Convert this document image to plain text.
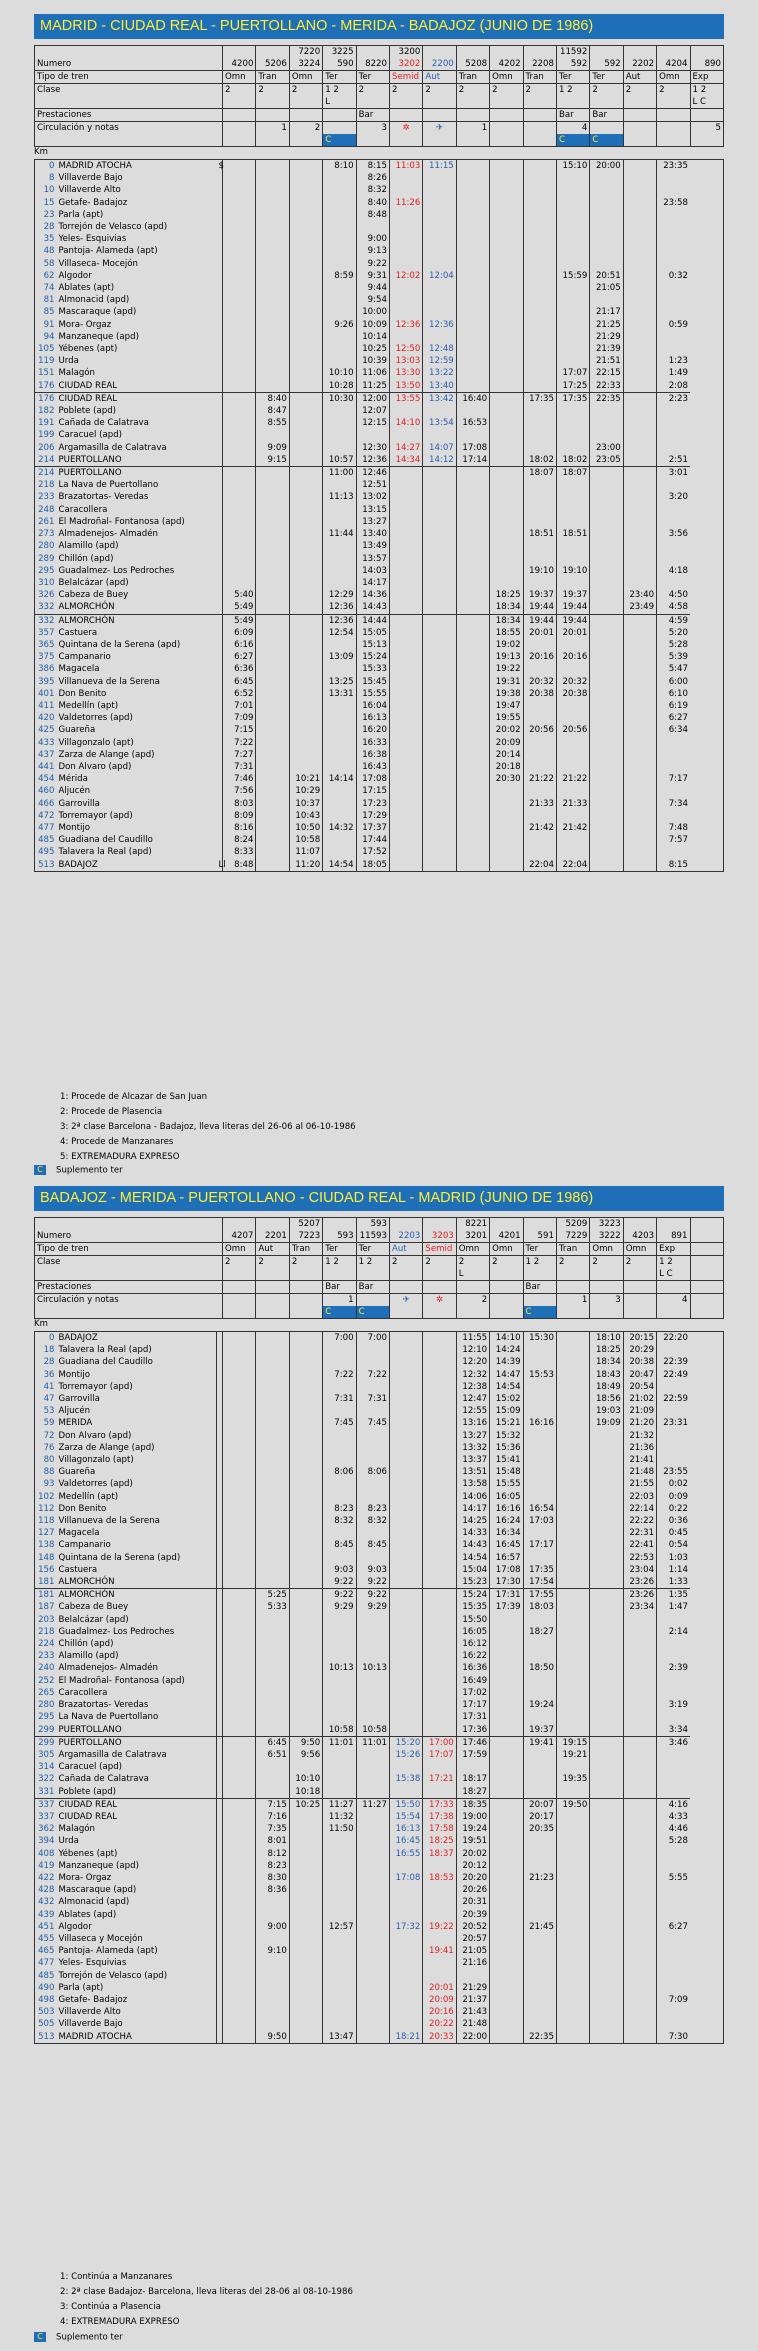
MADRID - CIUDAD REAL - PUERTOLLANO - MERIDA - BADAJOZ (JUNIO DE 1986)
			7220	3225		3200					11592				
Numero	4200	5206	3224	590	8220	3202	2200	5208	4202	2208	592	592	2202	4204	890
Tipo de tren	Omn	Tran	Omn	Ter	Ter	Semid	Aut	Tran	Omn	Tran	Ter	Ter	Aut	Omn	Exp
Clase	2	2	2	1 2	2	2	2	2	2	2	1 2	2	2	2	1 2
				L											L C
Prestaciones					Bar						Bar	Bar			
Circulación y notas		1	2		3	✲	✈	1			4				5
				C							C	C			
Km
0	MADRID ATOCHA	$				8:10	8:15	11:03	11:15				15:10	20:00		23:35
8	Villaverde Bajo						8:26									
10	Villaverde Alto						8:32									
15	Getafe- Badajoz						8:40	11:26								23:58
23	Parla (apt)						8:48									
28	Torrejón de Velasco (apd)															
35	Yeles- Esquivias						9:00									
48	Pantoja- Alameda (apt)						9:13									
58	Villaseca- Mocejón						9:22									
62	Algodor					8:59	9:31	12:02	12:04				15:59	20:51		0:32
74	Ablates (apt)						9:44							21:05		
81	Almonacid (apd)						9:54									
85	Mascaraque (apd)						10:00							21:17		
91	Mora- Orgaz					9:26	10:09	12:36	12:36					21:25		0:59
94	Manzaneque (apd)						10:14							21:29		
105	Yébenes (apt)						10:25	12:50	12:48					21:39		
119	Urda						10:39	13:03	12:59					21:51		1:23
151	Malagón					10:10	11:06	13:30	13:22				17:07	22:15		1:49
176	CIUDAD REAL					10:28	11:25	13:50	13:40				17:25	22:33		2:08
176	CIUDAD REAL			8:40		10:30	12:00	13:55	13:42	16:40		17:35	17:35	22:35		2:23
182	Poblete (apd)			8:47			12:07									
191	Cañada de Calatrava			8:55			12:15	14:10	13:54	16:53						
199	Caracuel (apd)															
206	Argamasilla de Calatrava			9:09			12:30	14:27	14:07	17:08				23:00		
214	PUERTOLLANO			9:15		10:57	12:36	14:34	14:12	17:14		18:02	18:02	23:05		2:51
214	PUERTOLLANO					11:00	12:46					18:07	18:07			3:01
218	La Nava de Puertollano						12:51									
233	Brazatortas- Veredas					11:13	13:02									3:20
248	Caracollera						13:15									
261	El Madroñal- Fontanosa (apd)						13:27									
273	Almadenejos- Almadén					11:44	13:40					18:51	18:51			3:56
280	Alamillo (apd)						13:49									
289	Chillón (apd)						13:57									
295	Guadalmez- Los Pedroches						14:03					19:10	19:10			4:18
310	Belalcázar (apd)						14:17									
326	Cabeza de Buey		5:40			12:29	14:36				18:25	19:37	19:37		23:40	4:50
332	ALMORCHÓN		5:49			12:36	14:43				18:34	19:44	19:44		23:49	4:58
332	ALMORCHÓN		5:49			12:36	14:44				18:34	19:44	19:44			4:59
357	Castuera		6:09			12:54	15:05				18:55	20:01	20:01			5:20
365	Quintana de la Serena (apd)		6:16				15:13				19:02					5:28
375	Campanario		6:27			13:09	15:24				19:13	20:16	20:16			5:39
386	Magacela		6:36				15:33				19:22					5:47
395	Villanueva de la Serena		6:45			13:25	15:45				19:31	20:32	20:32			6:00
401	Don Benito		6:52			13:31	15:55				19:38	20:38	20:38			6:10
411	Medellín (apt)		7:01				16:04				19:47					6:19
420	Valdetorres (apd)		7:09				16:13				19:55					6:27
425	Guareña		7:15				16:20				20:02	20:56	20:56			6:34
433	Villagonzalo (apt)		7:22				16:33				20:09					
437	Zarza de Alange (apd)		7:27				16:38				20:14					
441	Don Alvaro (apd)		7:31				16:43				20:18					
454	Mérida		7:46		10:21	14:14	17:08				20:30	21:22	21:22			7:17
460	Aljucén		7:56		10:29		17:15									
466	Garrovilla		8:03		10:37		17:23					21:33	21:33			7:34
472	Torremayor (apd)		8:09		10:43		17:29									
477	Montijo		8:16		10:50	14:32	17:37					21:42	21:42			7:48
485	Guadiana del Caudillo		8:24		10:58		17:44									7:57
495	Talavera la Real (apd)		8:33		11:07		17:52									
513	BADAJOZ	Ll	8:48		11:20	14:54	18:05					22:04	22:04			8:15
1: Procede de Alcazar de San Juan
2: Procede de Plasencia
3: 2ª clase Barcelona - Badajoz, lleva literas del 26-06 al 06-10-1986
4: Procede de Manzanares
5: EXTREMADURA EXPRESO
C Suplemento ter
BADAJOZ - MERIDA - PUERTOLLANO - CIUDAD REAL - MADRID (JUNIO DE 1986)
			5207		593			8221			5209	3223			
Numero	4207	2201	7223	593	11593	2203	3203	3201	4201	591	7229	3222	4203	891	
Tipo de tren	Omn	Aut	Tran	Ter	Ter	Aut	Semid	Omn	Omn	Ter	Tran	Omn	Omn	Exp	
Clase	2	2	2	1 2	1 2	2	2	2	2	1 2	2	2	2	1 2	
								L						L C	
Prestaciones				Bar	Bar					Bar					
Circulación y notas				1		✈	✲	2			1	3		4	
				C	C					C					
Km
0	BADAJOZ					7:00	7:00			11:55	14:10	15:30		18:10	20:15	22:20
18	Talavera la Real (apd)									12:10	14:24			18:25	20:29	
28	Guadiana del Caudillo									12:20	14:39			18:34	20:38	22:39
36	Montijo					7:22	7:22			12:32	14:47	15:53		18:43	20:47	22:49
41	Torremayor (apd)									12:38	14:54			18:49	20:54	
47	Garrovilla					7:31	7:31			12:47	15:02			18:56	21:02	22:59
53	Aljucén									12:55	15:09			19:03	21:09	
59	MERIDA					7:45	7:45			13:16	15:21	16:16		19:09	21:20	23:31
72	Don Alvaro (apd)									13:27	15:32				21:32	
76	Zarza de Alange (apd)									13:32	15:36				21:36	
80	Villagonzalo (apt)									13:37	15:41				21:41	
88	Guareña					8:06	8:06			13:51	15:48				21:48	23:55
93	Valdetorres (apd)									13:58	15:55				21:55	0:02
102	Medellín (apt)									14:06	16:05				22:03	0:09
112	Don Benito					8:23	8:23			14:17	16:16	16:54			22:14	0:22
118	Villanueva de la Serena					8:32	8:32			14:25	16:24	17:03			22:22	0:36
127	Magacela									14:33	16:34				22:31	0:45
138	Campanario					8:45	8:45			14:43	16:45	17:17			22:41	0:54
148	Quintana de la Serena (apd)									14:54	16:57				22:53	1:03
156	Castuera					9:03	9:03			15:04	17:08	17:35			23:04	1:14
181	ALMORCHÓN					9:22	9:22			15:23	17:30	17:54			23:26	1:33
181	ALMORCHÓN			5:25		9:22	9:22			15:24	17:31	17:55			23:26	1:35
187	Cabeza de Buey			5:33		9:29	9:29			15:35	17:39	18:03			23:34	1:47
203	Belalcázar (apd)									15:50						
218	Guadalmez- Los Pedroches									16:05		18:27				2:14
224	Chillón (apd)									16:12						
233	Alamillo (apd)									16:22						
240	Almadenejos- Almadén					10:13	10:13			16:36		18:50				2:39
252	El Madroñal- Fontanosa (apd)									16:49						
265	Caracollera									17:02						
280	Brazatortas- Veredas									17:17		19:24				3:19
295	La Nava de Puertollano									17:31						
299	PUERTOLLANO					10:58	10:58			17:36		19:37				3:34
299	PUERTOLLANO			6:45	9:50	11:01	11:01	15:20	17:00	17:46		19:41	19:15			3:46
305	Argamasilla de Calatrava			6:51	9:56			15:26	17:07	17:59			19:21			
314	Caracuel (apd)															
322	Cañada de Calatrava				10:10			15:38	17:21	18:17			19:35			
331	Poblete (apd)				10:18					18:27						
337	CIUDAD REAL			7:15	10:25	11:27	11:27	15:50	17:33	18:35		20:07	19:50			4:16
337	CIUDAD REAL			7:16		11:32		15:54	17:38	19:00		20:17				4:33
362	Malagón			7:35		11:50		16:13	17:58	19:24		20:35				4:46
394	Urda			8:01				16:45	18:25	19:51						5:28
408	Yébenes (apt)			8:12				16:55	18:37	20:02						
419	Manzaneque (apd)			8:23						20:12						
422	Mora- Orgaz			8:30				17:08	18:53	20:20		21:23				5:55
428	Mascaraque (apd)			8:36						20:26						
432	Almonacid (apd)									20:31						
439	Ablates (apd)									20:39						
451	Algodor			9:00		12:57		17:32	19:22	20:52		21:45				6:27
455	Villaseca y Mocejón									20:57						
465	Pantoja- Alameda (apt)			9:10					19:41	21:05						
477	Yeles- Esquivias									21:16						
485	Torrejón de Velasco (apd)															
490	Parla (apt)								20:01	21:29						
498	Getafe- Badajoz								20:09	21:37						7:09
503	Villaverde Alto								20:16	21:43						
505	Villaverde Bajo								20:22	21:48						
513	MADRID ATOCHA			9:50		13:47		18:21	20:33	22:00		22:35				7:30
1: Continúa a Manzanares
2: 2ª clase Badajoz- Barcelona, lleva literas del 28-06 al 08-10-1986
3: Continúa a Plasencia
4: EXTREMADURA EXPRESO
C Suplemento ter
